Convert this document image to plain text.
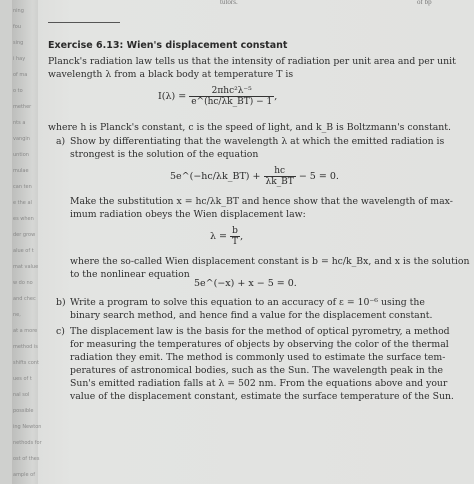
ning
fou
sing
i hay
of ma
o to
mether
nts a
vangin
untion
mulae
can ten
e the al
es when
der grow
alue of t
mat value
w do no
and chec
ne,
at a more
method is
shifts cont
ues of t
nal sol
possible
ing Newton
nethods for
ost of thes
ample of
tutors.	of bp
Exercise 6.13: Wien's displacement constant
Planck's radiation law tells us that the intensity of radiation per unit area and per unit
wavelength λ from a black body at temperature T is
$I(\lambda) = \frac{\text{2πhc²λ⁻⁵}}{e\^{}(hc/\lambda k\_BT) - 1}$ ,
where h is Planck's constant, c is the speed of light, and k_B is Boltzmann's constant.
a) Show by differentiating that the wavelength λ at which the emitted radiation is
strongest is the solution of the equation
5e^(−hc/λk_BT) + $\frac{hc}{\lambda k\_BT} - 5 = 0$.
Make the substitution x = hc/λk_BT and hence show that the wavelength of max-
imum radiation obeys the Wien displacement law:
$\lambda = \frac{b}{T}$ ,
where the so-called Wien displacement constant is b = hc/k_Bx, and x is the solution
to the nonlinear equation
5e^(−x) + x − 5 = 0.
b) Write a program to solve this equation to an accuracy of ε = 10⁻⁶ using the
binary search method, and hence find a value for the displacement constant.
c) The displacement law is the basis for the method of optical pyrometry, a method
for measuring the temperatures of objects by observing the color of the thermal
radiation they emit. The method is commonly used to estimate the surface tem-
peratures of astronomical bodies, such as the Sun. The wavelength peak in the
Sun's emitted radiation falls at λ = 502 nm. From the equations above and your
value of the displacement constant, estimate the surface temperature of the Sun.
